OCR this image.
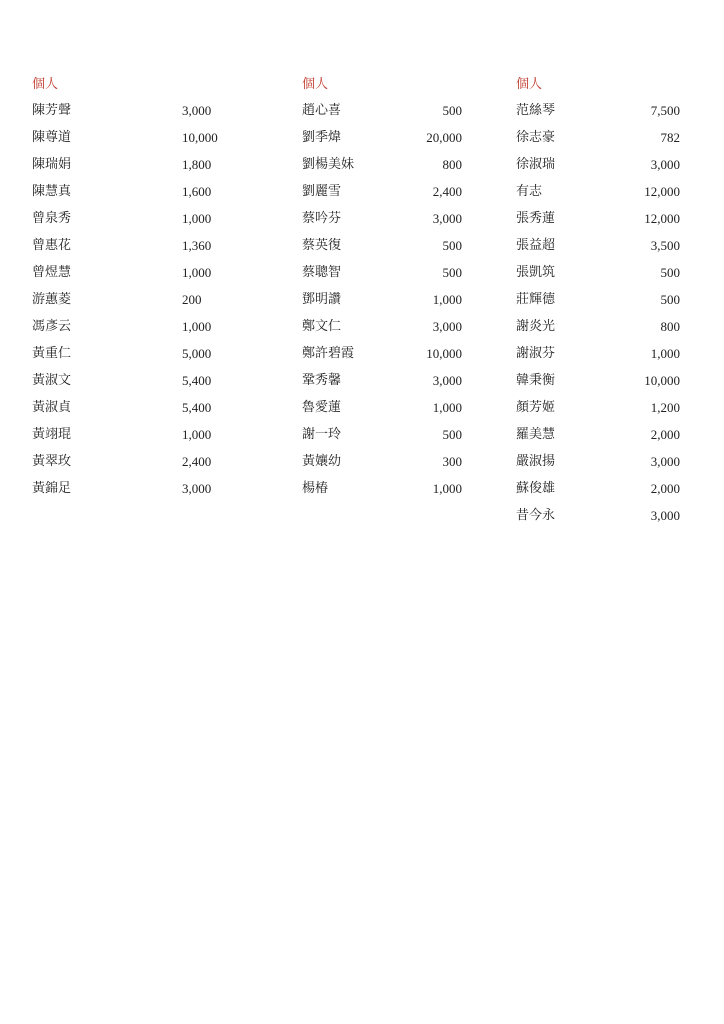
個人
陳芳聲	3,000
陳尊道	10,000
陳瑞娟	1,800
陳慧真	1,600
曾泉秀	1,000
曾惠花	1,360
曾煜慧	1,000
游蕙菱	200
馮彥云	1,000
黃重仁	5,000
黃淑文	5,400
黃淑貞	5,400
黃翊琨	1,000
黃翠玫	2,400
黃錦足	3,000
個人
趙心喜	500
劉季煒	20,000
劉楊美妹	800
劉麗雪	2,400
蔡吟芬	3,000
蔡英復	500
蔡聰智	500
鄧明讚	1,000
鄭文仁	3,000
鄭許碧霞	10,000
鞏秀馨	3,000
魯愛蓮	1,000
謝一玲	500
黃孃幼	300
楊椿	1,000
個人
范絲琴	7,500
徐志豪	782
徐淑瑞	3,000
有志	12,000
張秀蓮	12,000
張益超	3,500
張凱筑	500
莊輝德	500
謝炎光	800
謝淑芬	1,000
韓秉衡	10,000
顏芳姬	1,200
羅美慧	2,000
嚴淑揚	3,000
蘇俊雄	2,000
昔今永	3,000
